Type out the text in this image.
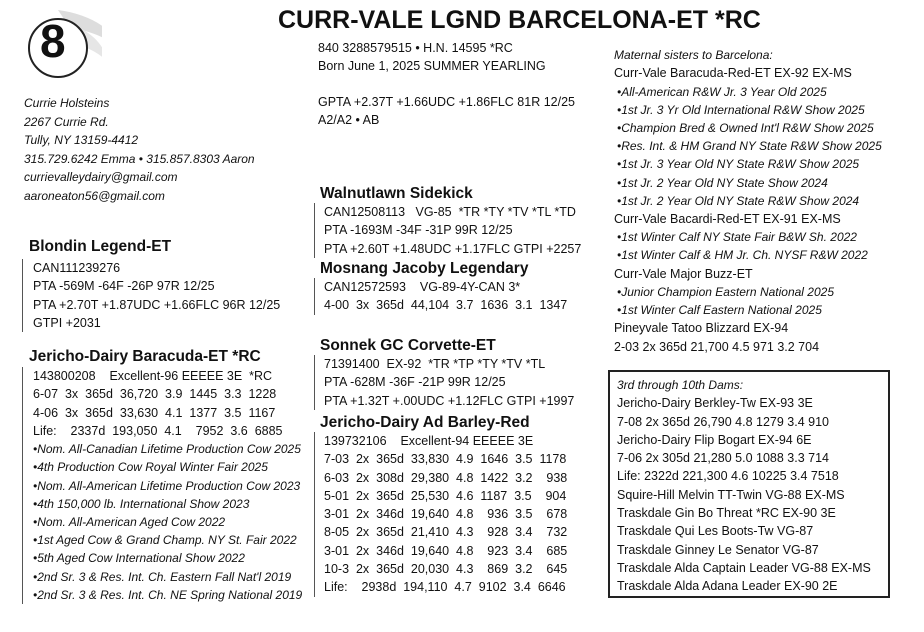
8	CURR-VALE LGND BARCELONA-ET *RC
840 3288579515 • H.N. 14595 *RC
Born June 1, 2025 SUMMER YEARLING
GPTA +2.37T +1.66UDC +1.86FLC 81R 12/25
A2/A2 • AB
Currie Holsteins
2267 Currie Rd.
Tully, NY 13159-4412
315.729.6242 Emma • 315.857.8303 Aaron
currievalleydairy@gmail.com
aaroneaton56@gmail.com
Blondin Legend-ET
CAN111239276
PTA -569M -64F -26P 97R 12/25
PTA +2.70T +1.87UDC +1.66FLC 96R 12/25
GTPI +2031
Jericho-Dairy Baracuda-ET *RC
143800208    Excellent-96 EEEEE 3E  *RC
6-07  3x  365d  36,720  3.9  1445  3.3  1228
4-06  3x  365d  33,630  4.1  1377  3.5  1167
Life:    2337d  193,050  4.1    7952  3.6  6885
•Nom. All-Canadian Lifetime Production Cow 2025
•4th Production Cow Royal Winter Fair 2025
•Nom. All-American Lifetime Production Cow 2023
•4th 150,000 lb. International Show 2023
•Nom. All-American Aged Cow 2022
•1st Aged Cow & Grand Champ. NY St. Fair 2022
•5th Aged Cow International Show 2022
•2nd Sr. 3 & Res. Int. Ch. Eastern Fall Nat'l 2019
•2nd Sr. 3 & Res. Int. Ch. NE Spring National 2019
Walnutlawn Sidekick
CAN12508113   VG-85  *TR *TY *TV *TL *TD
PTA -1693M -34F -31P 99R 12/25
PTA +2.60T +1.48UDC +1.17FLC GTPI +2257
Mosnang Jacoby Legendary
CAN12572593    VG-89-4Y-CAN 3*
4-00  3x  365d  44,104  3.7  1636  3.1  1347
Sonnek GC Corvette-ET
71391400  EX-92  *TR *TP *TY *TV *TL
PTA -628M -36F -21P 99R 12/25
PTA +1.32T +.00UDC +1.12FLC GTPI +1997
Jericho-Dairy Ad Barley-Red
139732106    Excellent-94 EEEEE 3E
7-03  2x  365d  33,830  4.9  1646  3.5  1178
6-03  2x  308d  29,380  4.8  1422  3.2    938
5-01  2x  365d  25,530  4.6  1187  3.5    904
3-01  2x  346d  19,640  4.8    936  3.5    678
8-05  2x  365d  21,410  4.3    928  3.4    732
3-01  2x  346d  19,640  4.8    923  3.4    685
10-3  2x  365d  20,030  4.3    869  3.2    645
Life:    2938d  194,110  4.7  9102  3.4  6646
Maternal sisters to Barcelona:
Curr-Vale Baracuda-Red-ET EX-92 EX-MS
•All-American R&W Jr. 3 Year Old 2025
•1st Jr. 3 Yr Old International R&W Show 2025
•Champion Bred & Owned Int'l R&W Show 2025
•Res. Int. & HM Grand NY State R&W Show 2025
•1st Jr. 3 Year Old NY State R&W Show 2025
•1st Jr. 2 Year Old NY State Show 2024
•1st Jr. 2 Year Old NY State R&W Show 2024
Curr-Vale Bacardi-Red-ET EX-91 EX-MS
•1st Winter Calf NY State Fair B&W Sh. 2022
•1st Winter Calf & HM Jr. Ch. NYSF R&W 2022
Curr-Vale Major Buzz-ET
•Junior Champion Eastern National 2025
•1st Winter Calf Eastern National 2025
Pineyvale Tatoo Blizzard EX-94
2-03 2x 365d 21,700 4.5 971 3.2 704
3rd through 10th Dams:
Jericho-Dairy Berkley-Tw EX-93 3E
7-08 2x 365d 26,790 4.8 1279 3.4 910
Jericho-Dairy Flip Bogart EX-94 6E
7-06 2x 305d 21,280 5.0 1088 3.3 714
Life: 2322d 221,300 4.6 10225 3.4 7518
Squire-Hill Melvin TT-Twin VG-88 EX-MS
Traskdale Gin Bo Threat *RC EX-90 3E
Traskdale Qui Les Boots-Tw VG-87
Traskdale Ginney Le Senator VG-87
Traskdale Alda Captain Leader VG-88 EX-MS
Traskdale Alda Adana Leader EX-90 2E
